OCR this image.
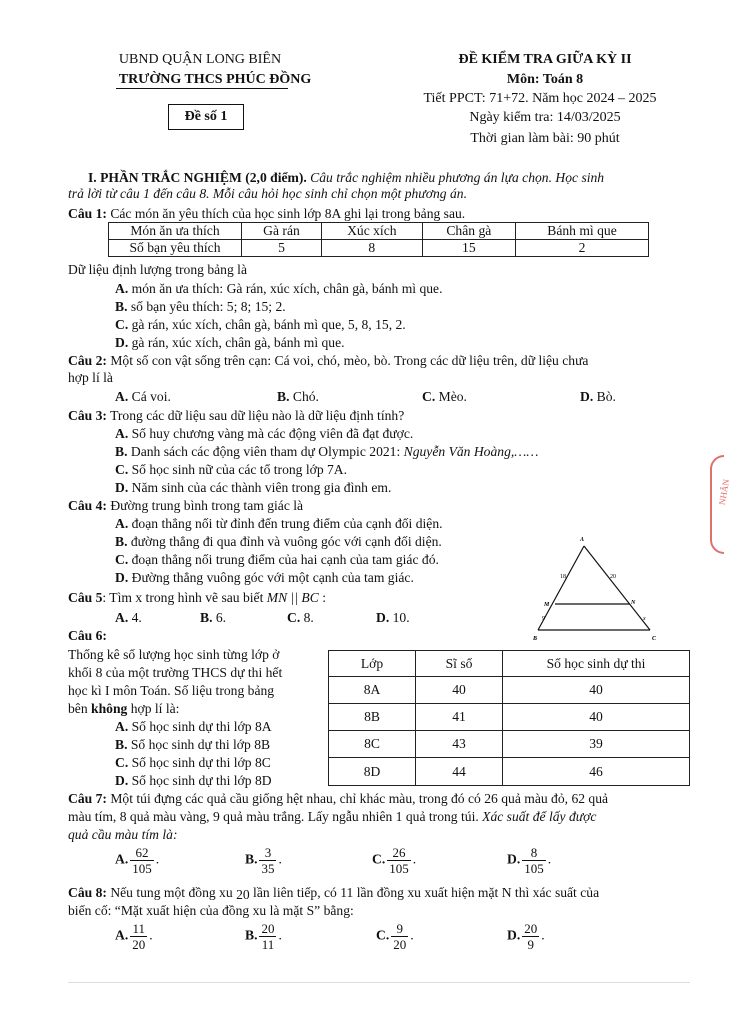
UBND QUẬN LONG BIÊN
TRƯỜNG THCS PHÚC ĐỒNG
Đề số 1
ĐỀ KIỂM TRA GIỮA KỲ II
Môn: Toán 8
Tiết PPCT: 71+72. Năm học 2024 – 2025
Ngày kiểm tra: 14/03/2025
Thời gian làm bài: 90 phút
I. PHẦN TRẮC NGHIỆM (2,0 điểm). Câu trắc nghiệm nhiều phương án lựa chọn. Học sinh
trả lời từ câu 1 đến câu 8. Mỗi câu hỏi học sinh chỉ chọn một phương án.
Câu 1: Các món ăn yêu thích của học sinh lớp 8A ghi lại trong bảng sau.
Món ăn ưa thích	Gà rán	Xúc xích	Chân gà	Bánh mì que
Số bạn yêu thích	5	8	15	2
Dữ liệu định lượng trong bảng là
A. món ăn ưa thích: Gà rán, xúc xích, chân gà, bánh mì que.
B. số bạn yêu thích: 5; 8; 15; 2.
C. gà rán, xúc xích, chân gà, bánh mì que, 5, 8, 15, 2.
D. gà rán, xúc xích, chân gà, bánh mì que.
Câu 2: Một số con vật sống trên cạn: Cá voi, chó, mèo, bò. Trong các dữ liệu trên, dữ liệu chưa
hợp lí là
A. Cá voi.	B. Chó.	C. Mèo.	D. Bò.
Câu 3: Trong các dữ liệu sau dữ liệu nào là dữ liệu định tính?
A. Số huy chương vàng mà các động viên đã đạt được.
B. Danh sách các động viên tham dự Olympic 2021: Nguyễn Văn Hoàng,……
C. Số học sinh nữ của các tổ trong lớp 7A.
D. Năm sinh của các thành viên trong gia đình em.
Câu 4: Đường trung bình trong tam giác là
A. đoạn thẳng nối từ đỉnh đến trung điểm của cạnh đối diện.
B. đường thẳng đi qua đỉnh và vuông góc với cạnh đối diện.
C. đoạn thẳng nối trung điểm của hai cạnh của tam giác đó.
D. Đường thẳng vuông góc với một cạnh của tam giác.
A
B	C
M	N
18	20
9	x
Câu 5: Tìm x trong hình vẽ sau biết MN || BC :
A. 4.	B. 6.	C. 8.	D. 10.
Câu 6:
Thống kê số lượng học sinh từng lớp ở
khối 8 của một trường THCS dự thi hết
học kì I môn Toán. Số liệu trong bảng
bên không hợp lí là:
A. Số học sinh dự thi lớp 8A
B. Số học sinh dự thi lớp 8B
C. Số học sinh dự thi lớp 8C
D. Số học sinh dự thi lớp 8D
Lớp	Sĩ số	Số học sinh dự thi
8A	40	40
8B	41	40
8C	43	39
8D	44	46
Câu 7: Một túi đựng các quả cầu giống hệt nhau, chỉ khác màu, trong đó có 26 quả màu đỏ, 62 quả
màu tím, 8 quả màu vàng, 9 quả màu trắng. Lấy ngẫu nhiên 1 quả trong túi. Xác suất để lấy được
quả cầu màu tím là:
A. $\frac{62}{105}$ .	B. $\frac{3}{35}$ .	C. $\frac{26}{105}$ .	D. $\frac{8}{105}$ .
Câu 8: Nếu tung một đồng xu 20 lần liên tiếp, có 11 lần đồng xu xuất hiện mặt N thì xác suất của
biến cố: “Mặt xuất hiện của đồng xu là mặt S” bằng:
A. $\frac{11}{20}$ .	B. $\frac{20}{11}$ .	C. $\frac{9}{20}$ .	D. $\frac{20}{9}$ .
NHÂN
